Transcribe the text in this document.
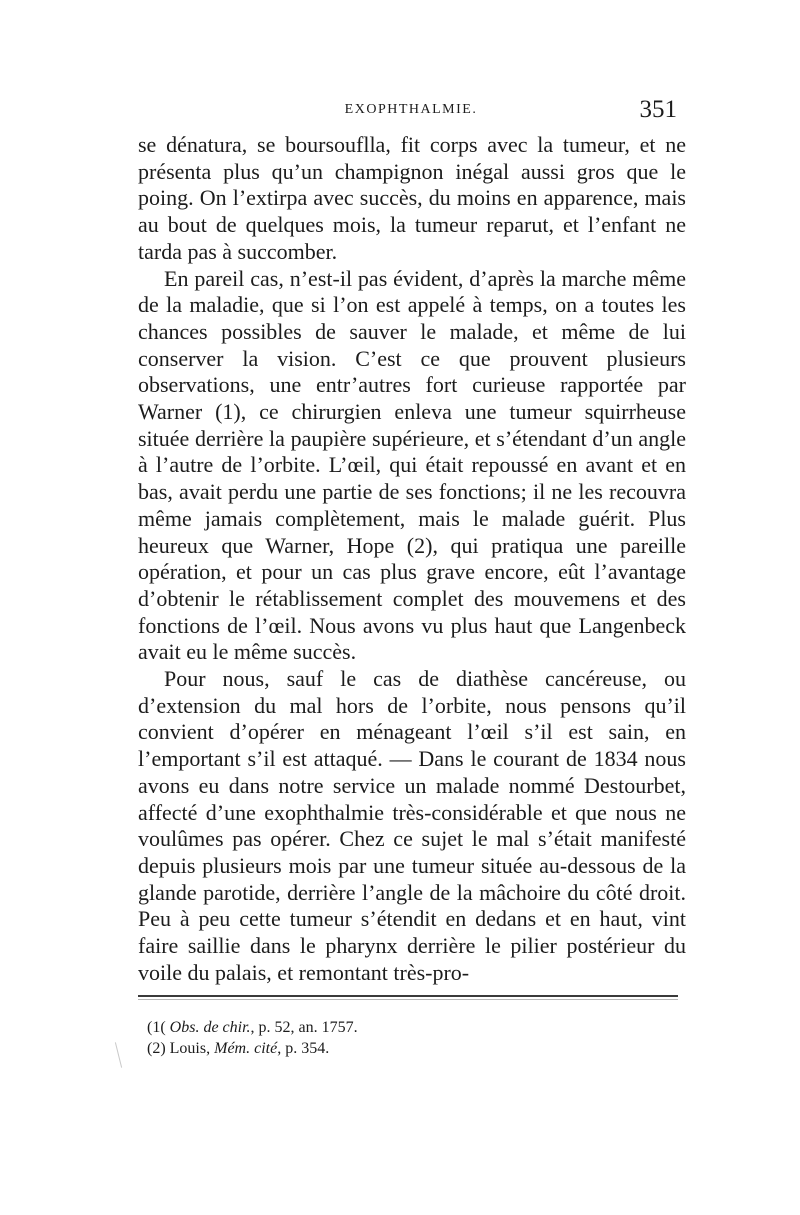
EXOPHTHALMIE.	351

se dénatura, se boursouflla, fit corps avec la tumeur, et ne présenta plus qu’un champignon inégal aussi gros que le poing. On l’extirpa avec succès, du moins en apparence, mais au bout de quelques mois, la tumeur reparut, et l’enfant ne tarda pas à succomber.

En pareil cas, n’est-il pas évident, d’après la marche même de la maladie, que si l’on est appelé à temps, on a toutes les chances possibles de sauver le malade, et même de lui conserver la vision. C’est ce que prouvent plusieurs observations, une entr’autres fort curieuse rapportée par Warner (1), ce chirurgien enleva une tumeur squirrheuse située derrière la paupière supérieure, et s’étendant d’un angle à l’autre de l’orbite. L’œil, qui était repoussé en avant et en bas, avait perdu une partie de ses fonctions; il ne les recouvra même jamais complètement, mais le malade guérit. Plus heureux que Warner, Hope (2), qui pratiqua une pareille opération, et pour un cas plus grave encore, eût l’avantage d’obtenir le rétablissement complet des mouvemens et des fonctions de l’œil. Nous avons vu plus haut que Langenbeck avait eu le même succès.

Pour nous, sauf le cas de diathèse cancéreuse, ou d’extension du mal hors de l’orbite, nous pensons qu’il convient d’opérer en ménageant l’œil s’il est sain, en l’emportant s’il est attaqué. — Dans le courant de 1834 nous avons eu dans notre service un malade nommé Destourbet, affecté d’une exophthalmie très-considérable et que nous ne voulûmes pas opérer. Chez ce sujet le mal s’était manifesté depuis plusieurs mois par une tumeur située au-dessous de la glande parotide, derrière l’angle de la mâchoire du côté droit. Peu à peu cette tumeur s’étendit en dedans et en haut, vint faire saillie dans le pharynx derrière le pilier postérieur du voile du palais, et remontant très-pro-

(1( Obs. de chir., p. 52, an. 1757.

(2) Louis, Mém. cité, p. 354.
